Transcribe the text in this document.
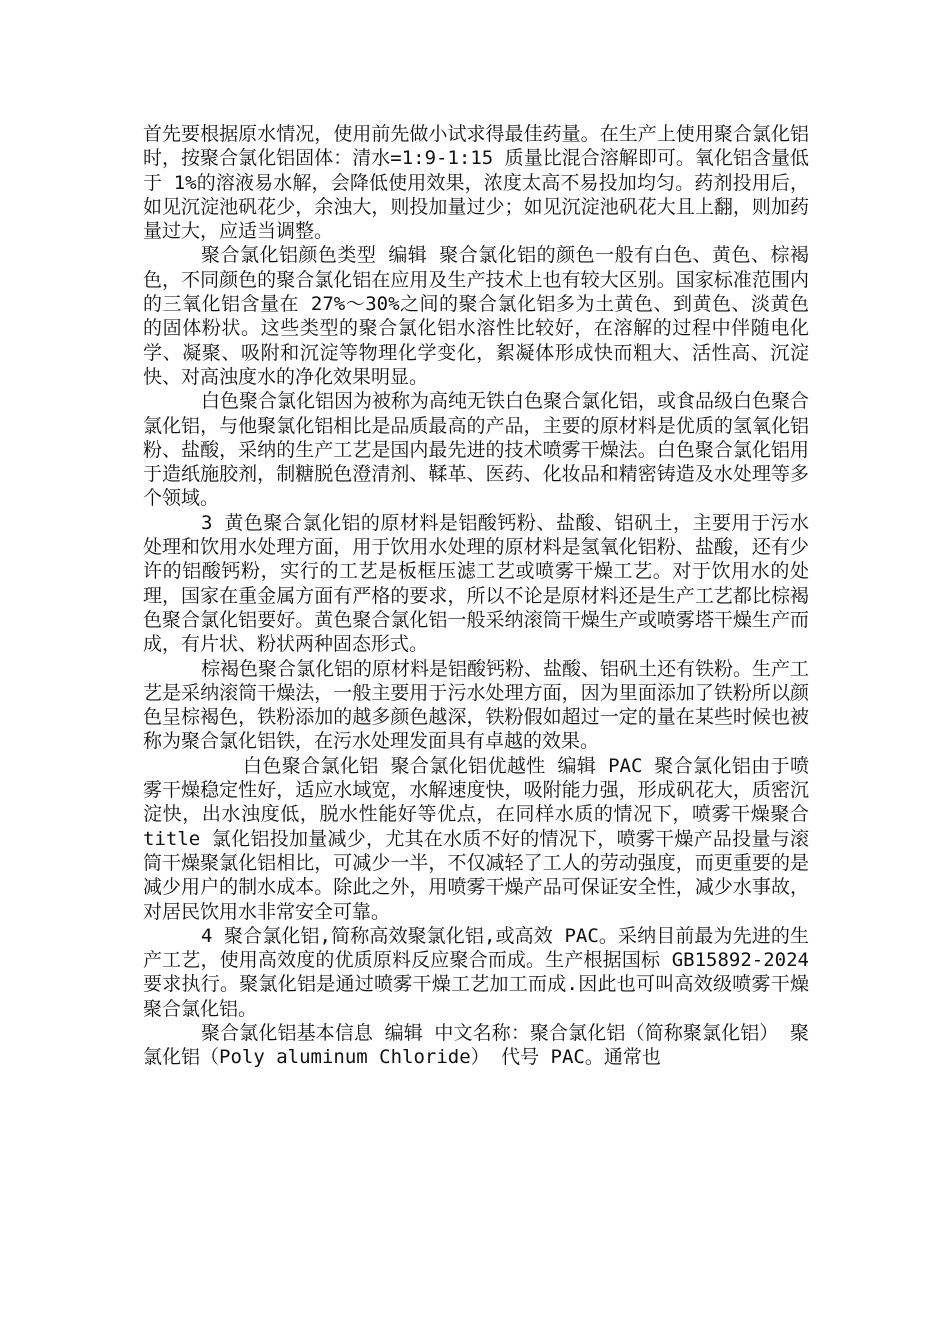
首先要根据原水情况，使用前先做小试求得最佳药量。在生产上使用聚合氯化铝时，按聚合氯化铝固体：清水=1:9-1:15 质量比混合溶解即可。氧化铝含量低于 1%的溶液易水解，会降低使用效果，浓度太高不易投加均匀。药剂投用后，如见沉淀池矾花少，余浊大，则投加量过少；如见沉淀池矾花大且上翻，则加药量过大，应适当调整。

聚合氯化铝颜色类型 编辑 聚合氯化铝的颜色一般有白色、黄色、棕褐色，不同颜色的聚合氯化铝在应用及生产技术上也有较大区别。国家标准范围内的三氧化铝含量在 27%～30%之间的聚合氯化铝多为土黄色、到黄色、淡黄色的固体粉状。这些类型的聚合氯化铝水溶性比较好，在溶解的过程中伴随电化学、凝聚、吸附和沉淀等物理化学变化，絮凝体形成快而粗大、活性高、沉淀快、对高浊度水的净化效果明显。

白色聚合氯化铝因为被称为高纯无铁白色聚合氯化铝，或食品级白色聚合氯化铝，与他聚氯化铝相比是品质最高的产品，主要的原材料是优质的氢氧化铝粉、盐酸，采纳的生产工艺是国内最先进的技术喷雾干燥法。白色聚合氯化铝用于造纸施胶剂，制糖脱色澄清剂、鞣革、医药、化妆品和精密铸造及水处理等多个领域。

3 黄色聚合氯化铝的原材料是铝酸钙粉、盐酸、铝矾土，主要用于污水处理和饮用水处理方面，用于饮用水处理的原材料是氢氧化铝粉、盐酸，还有少许的铝酸钙粉，实行的工艺是板框压滤工艺或喷雾干燥工艺。对于饮用水的处理，国家在重金属方面有严格的要求，所以不论是原材料还是生产工艺都比棕褐色聚合氯化铝要好。黄色聚合氯化铝一般采纳滚筒干燥生产或喷雾塔干燥生产而成，有片状、粉状两种固态形式。

棕褐色聚合氯化铝的原材料是铝酸钙粉、盐酸、铝矾土还有铁粉。生产工艺是采纳滚筒干燥法，一般主要用于污水处理方面，因为里面添加了铁粉所以颜色呈棕褐色，铁粉添加的越多颜色越深，铁粉假如超过一定的量在某些时候也被称为聚合氯化铝铁，在污水处理发面具有卓越的效果。

白色聚合氯化铝 聚合氯化铝优越性 编辑 PAC 聚合氯化铝由于喷雾干燥稳定性好，适应水域宽，水解速度快，吸附能力强，形成矾花大，质密沉淀快，出水浊度低，脱水性能好等优点，在同样水质的情况下，喷雾干燥聚合 title 氯化铝投加量减少，尤其在水质不好的情况下，喷雾干燥产品投量与滚筒干燥聚氯化铝相比，可减少一半，不仅减轻了工人的劳动强度，而更重要的是减少用户的制水成本。除此之外，用喷雾干燥产品可保证安全性，减少水事故，对居民饮用水非常安全可靠。

4 聚合氯化铝,简称高效聚氯化铝,或高效 PAC。采纳目前最为先进的生产工艺，使用高效度的优质原料反应聚合而成。生产根据国标 GB15892-2024 要求执行。聚氯化铝是通过喷雾干燥工艺加工而成.因此也可叫高效级喷雾干燥聚合氯化铝。

聚合氯化铝基本信息 编辑 中文名称：聚合氯化铝（简称聚氯化铝） 聚氯化铝（Poly aluminum Chloride） 代号 PAC。通常也
